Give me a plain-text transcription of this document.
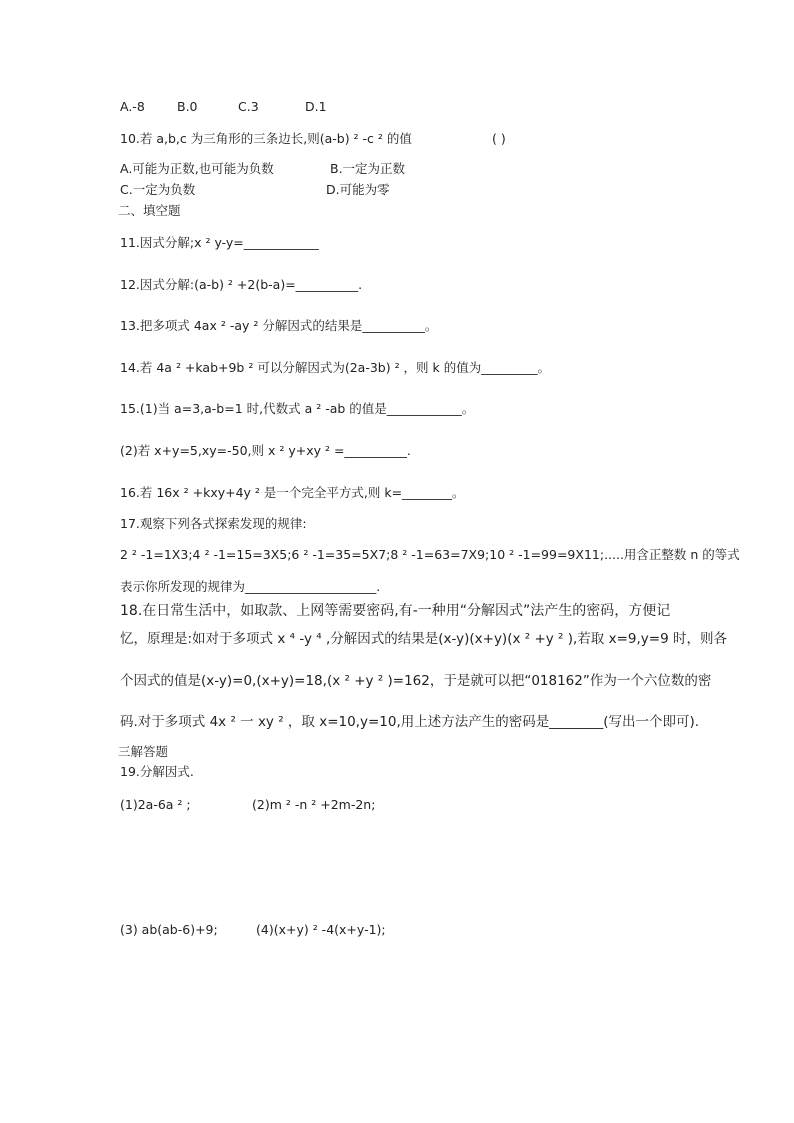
A.-8	B.0	C.3	D.1
10.若 a,b,c 为三角形的三条边长,则(a-b) ² -c ² 的值	( )
A.可能为正数,也可能为负数	B.一定为正数
C.一定为负数	D.可能为零
二、填空题
11.因式分解;x ² y-y=____________
12.因式分解:(a-b) ² +2(b-a)=__________.
13.把多项式 4ax ² -ay ² 分解因式的结果是__________。
14.若 4a ² +kab+9b ² 可以分解因式为(2a-3b) ² ，则 k 的值为_________。
15.(1)当 a=3,a-b=1 时,代数式 a ² -ab 的值是____________。
(2)若 x+y=5,xy=-50,则 x ² y+xy ² =__________.
16.若 16x ² +kxy+4y ² 是一个完全平方式,则 k=________。
17.观察下列各式探索发现的规律:
2 ² -1=1X3;4 ² -1=15=3X5;6 ² -1=35=5X7;8 ² -1=63=7X9;10 ² -1=99=9X11;.....用含正整数 n 的等式
表示你所发现的规律为_____________________.
18.在日常生活中，如取款、上网等需要密码,有-一种用“分解因式”法产生的密码，方便记
忆，原理是:如对于多项式 x ⁴ -y ⁴ ,分解因式的结果是(x-y)(x+y)(x ² +y ² ),若取 x=9,y=9 时，则各
个因式的值是(x-y)=0,(x+y)=18,(x ² +y ² )=162，于是就可以把“018162”作为一个六位数的密
码.对于多项式 4x ² 一 xy ² ，取 x=10,y=10,用上述方法产生的密码是________(写出一个即可).
三解答题
19.分解因式.
(1)2a-6a ² ;	(2)m ² -n ² +2m-2n;
(3) ab(ab-6)+9;	(4)(x+y) ² -4(x+y-1);
